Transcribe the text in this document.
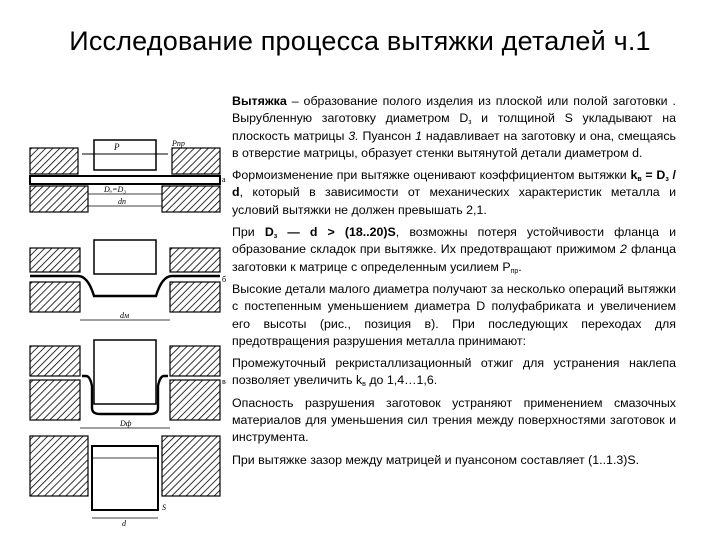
Исследование процесса вытяжки деталей ч.1
P	Pпр
Dₒ=D₃
dп
а
dм
б
Dф
d
S
в

Вытяжка – образование полого изделия из плоской или полой заготовки . Вырубленную заготовку диаметром $D_з$ и толщиной S укладывают на плоскость матрицы 3. Пуансон 1 надавливает на заготовку и она, смещаясь в отверстие матрицы, образует стенки вытянутой детали диаметром d.

Формоизменение при вытяжке оценивают коэффициентом вытяжки $k_в = D_з / d$, который в зависимости от механических характеристик металла и условий вытяжки не должен превышать 2,1.

При $D_з$ — d > (18..20)S, возможны потеря устойчивости фланца и образование складок при вытяжке. Их предотвращают прижимом 2 фланца заготовки к матрице с определенным усилием $P_{пр}$.

Высокие детали малого диаметра получают за несколько операций вытяжки с постепенным уменьшением диаметра D полуфабриката и увеличением его высоты (рис., позиция в). При последующих переходах для предотвращения разрушения металла принимают:

Промежуточный рекристаллизационный отжиг для устранения наклепа позволяет увеличить $k_в$ до 1,4…1,6.

Опасность разрушения заготовок устраняют применением смазочных материалов для уменьшения сил трения между поверхностями заготовок и инструмента.

При вытяжке зазор между матрицей и пуансоном составляет (1..1.3)S.
